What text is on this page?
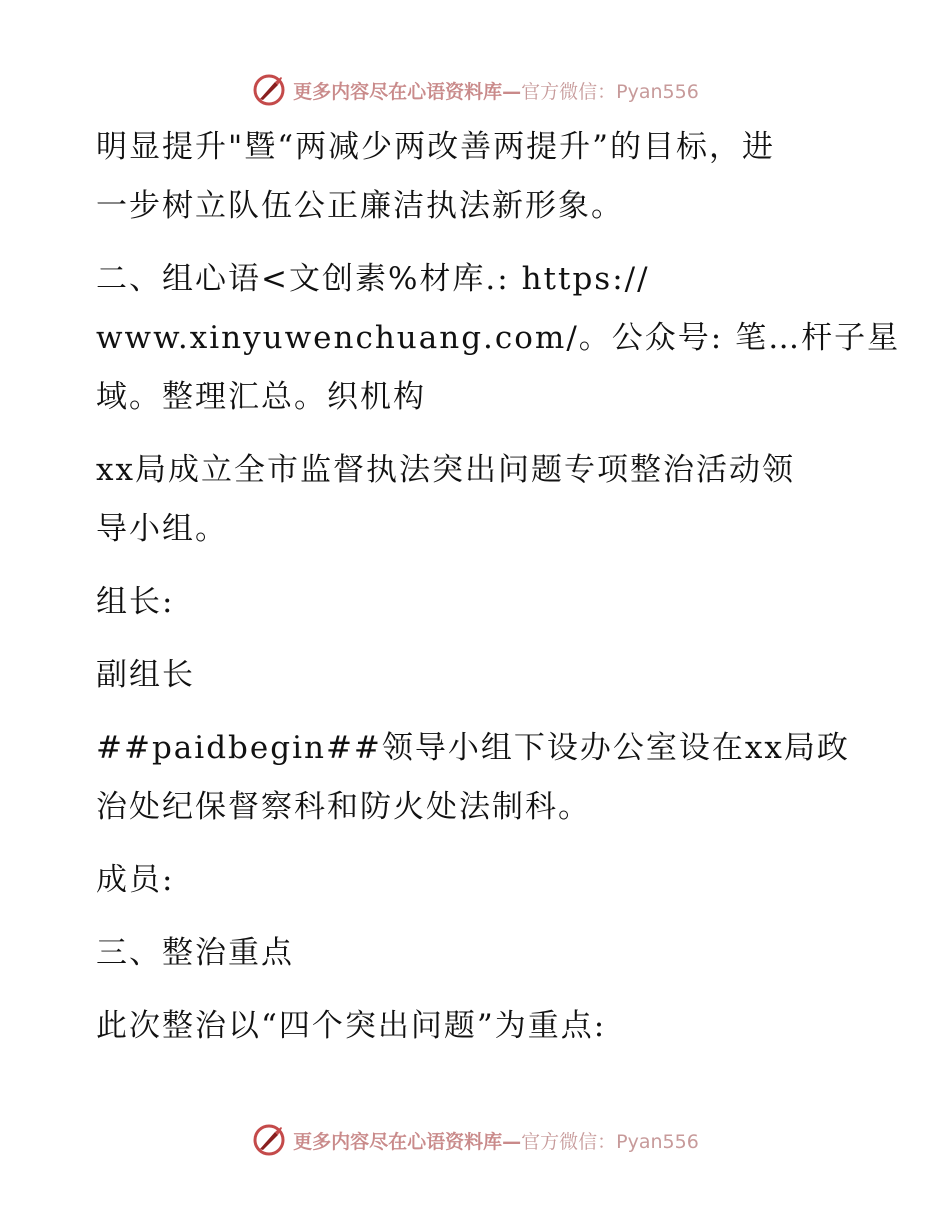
更多内容尽在心语资料库—官方微信：Pyan556
明显提升"暨“两减少两改善两提升”的目标，进
一步树立队伍公正廉洁执法新形象。
二、组心语<文创素%材库.: https://
www.xinyuwenchuang.com/。公众号: 笔…杆子星
域。整理汇总。织机构
xx局成立全市监督执法突出问题专项整治活动领
导小组。
组长:
副组长
##paidbegin##领导小组下设办公室设在xx局政
治处纪保督察科和防火处法制科。
成员:
三、整治重点
此次整治以“四个突出问题”为重点:
更多内容尽在心语资料库—官方微信：Pyan556
